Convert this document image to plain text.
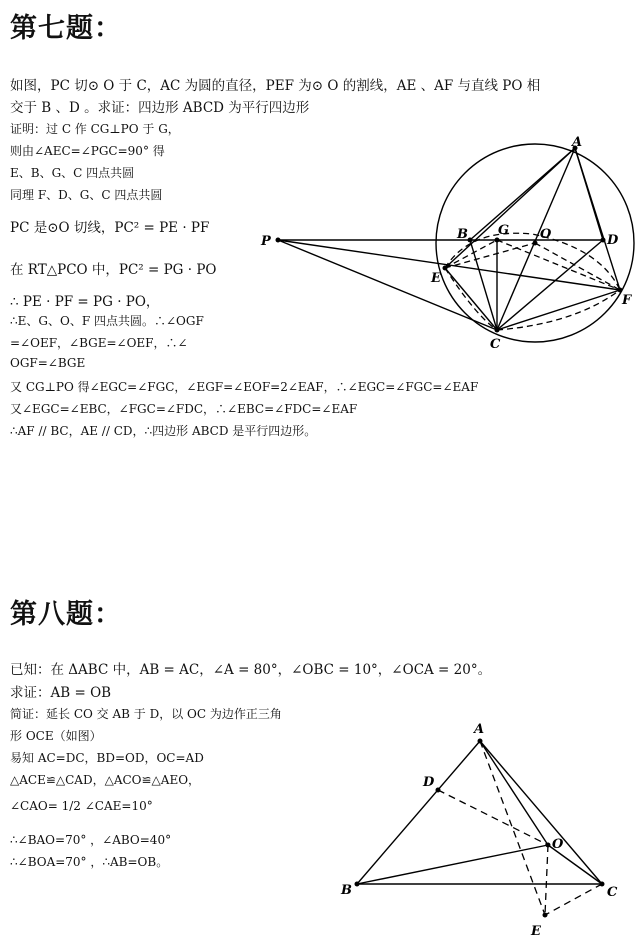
第七题：
如图，PC 切⊙ O 于 C，AC 为圆的直径，PEF 为⊙ O 的割线，AE 、AF 与直线 PO 相
交于 B 、D 。求证：四边形 ABCD 为平行四边形
证明：过 C 作 CG⊥PO 于 G，
则由∠AEC=∠PGC=90° 得
E、B、G、C 四点共圆
同理 F、D、G、C 四点共圆
PC 是⊙O 切线，PC² = PE · PF
在 RT△PCO 中，PC² = PG · PO
∴ PE · PF = PG · PO，
∴E、G、O、F 四点共圆。∴∠OGF
=∠OEF，∠BGE=∠OEF，∴∠
OGF=∠BGE
又 CG⊥PO 得∠EGC=∠FGC，∠EGF=∠EOF=2∠EAF，∴∠EGC=∠FGC=∠EAF
又∠EGC=∠EBC，∠FGC=∠FDC，∴∠EBC=∠FDC=∠EAF
∴AF // BC，AE // CD，∴四边形 ABCD 是平行四边形。
A
B G O	D
P
E
F
C
第八题：
已知：在 ΔABC 中，AB = AC，∠A = 80°，∠OBC = 10°，∠OCA = 20°。
求证：AB = OB
简证：延长 CO 交 AB 于 D，以 OC 为边作正三角
形 OCE（如图）
易知 AC=DC，BD=OD，OC=AD
△ACE≌△CAD，△ACO≌△AEO，
∠CAO= 1/2 ∠CAE=10°
∴∠BAO=70° ，∠ABO=40°
∴∠BOA=70° ，∴AB=OB。
A
D
O
B	C
E
